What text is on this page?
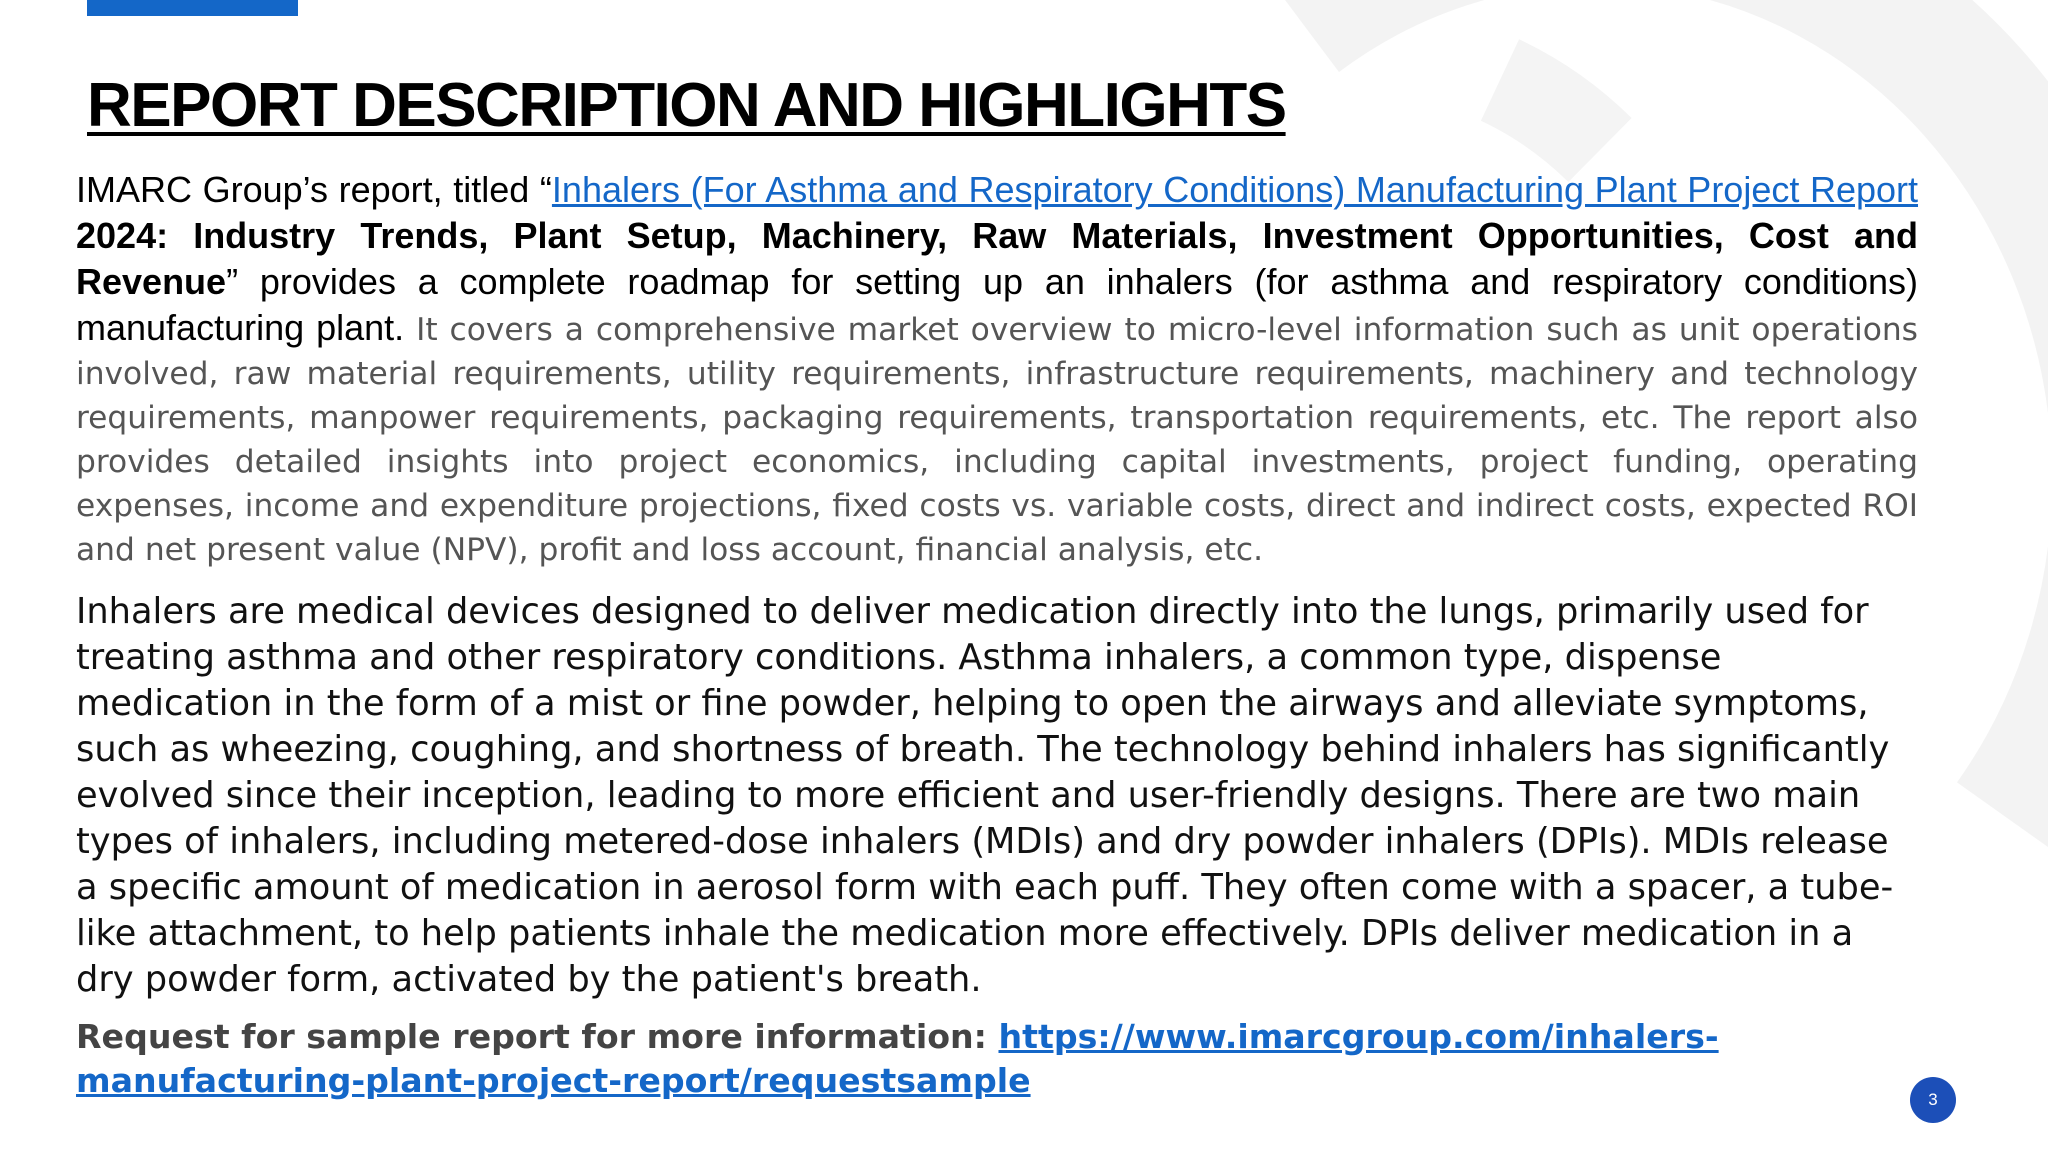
REPORT DESCRIPTION AND HIGHLIGHTS

IMARC Group’s report, titled “Inhalers (For Asthma and Respiratory Conditions) Manufacturing Plant Project Report 2024: Industry Trends, Plant Setup, Machinery, Raw Materials, Investment Opportunities, Cost and Revenue” provides a complete roadmap for setting up an inhalers (for asthma and respiratory conditions) manufacturing plant. It covers a comprehensive market overview to micro-level information such as unit operations involved, raw material requirements, utility requirements, infrastructure requirements, machinery and technology requirements, manpower requirements, packaging requirements, transportation requirements, etc. The report also provides detailed insights into project economics, including capital investments, project funding, operating expenses, income and expenditure projections, fixed costs vs. variable costs, direct and indirect costs, expected ROI and net present value (NPV), profit and loss account, financial analysis, etc.

Inhalers are medical devices designed to deliver medication directly into the lungs, primarily used for treating asthma and other respiratory conditions. Asthma inhalers, a common type, dispense medication in the form of a mist or fine powder, helping to open the airways and alleviate symptoms, such as wheezing, coughing, and shortness of breath. The technology behind inhalers has significantly evolved since their inception, leading to more efficient and user-friendly designs. There are two main types of inhalers, including metered-dose inhalers (MDIs) and dry powder inhalers (DPIs). MDIs release a specific amount of medication in aerosol form with each puff. They often come with a spacer, a tube-like attachment, to help patients inhale the medication more effectively. DPIs deliver medication in a dry powder form, activated by the patient's breath.

Request for sample report for more information: https://www.imarcgroup.com/inhalers-manufacturing-plant-project-report/requestsample	3
